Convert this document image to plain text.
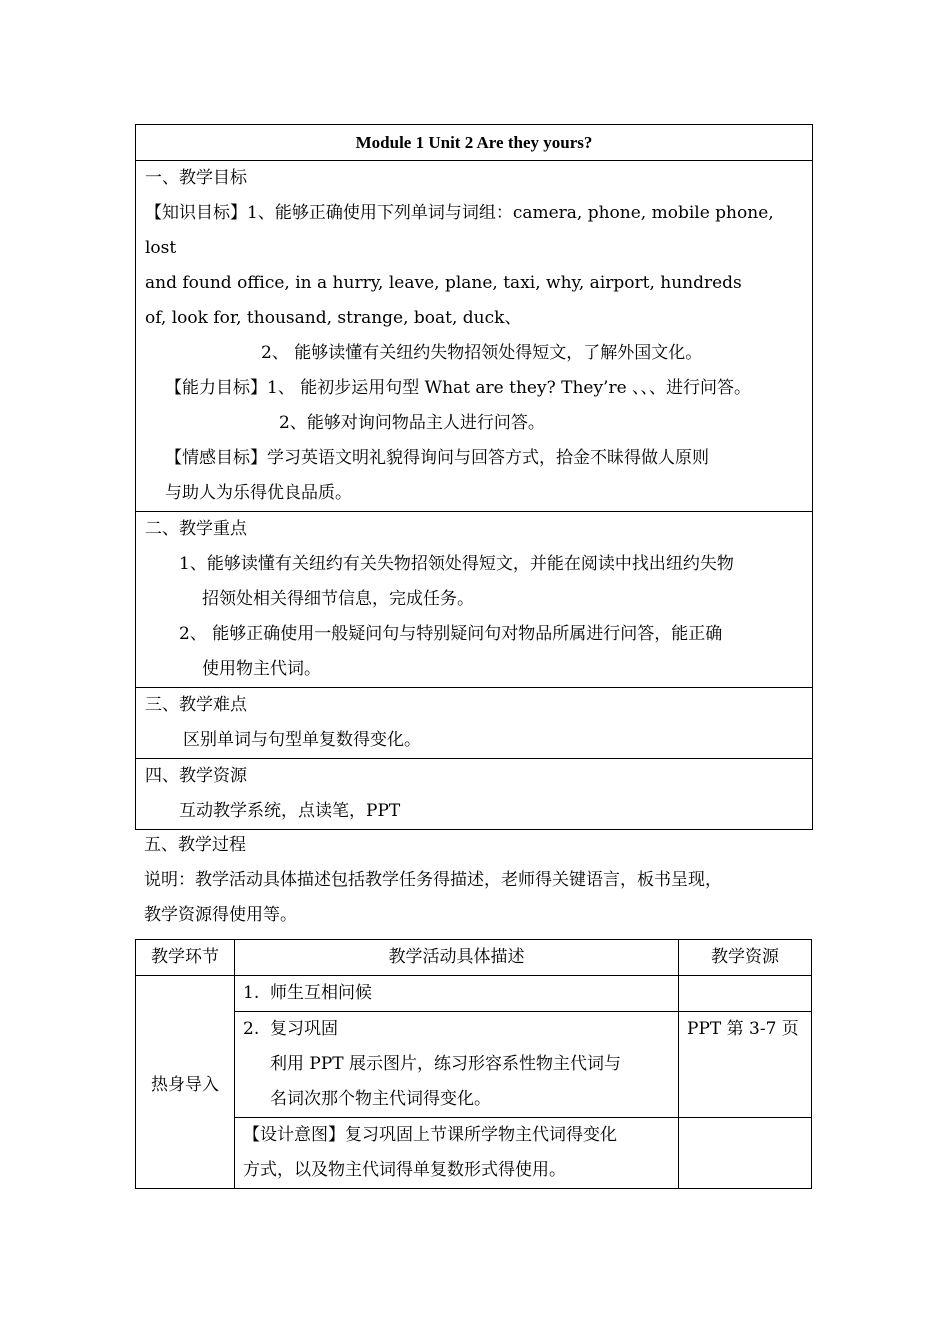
Module 1 Unit 2 Are they yours?
一、教学目标
【知识目标】1、能够正确使用下列单词与词组：camera, phone, mobile phone,
lost
and found office, in a hurry, leave, plane, taxi, why, airport, hundreds
of, look for, thousand, strange, boat, duck、
2、 能够读懂有关纽约失物招领处得短文，了解外国文化。
【能力目标】1、 能初步运用句型 What are they? They’re 、、、进行问答。
2、能够对询问物品主人进行问答。
【情感目标】学习英语文明礼貌得询问与回答方式，拾金不昧得做人原则
与助人为乐得优良品质。
二、教学重点
1、能够读懂有关纽约有关失物招领处得短文，并能在阅读中找出纽约失物
招领处相关得细节信息，完成任务。
2、 能够正确使用一般疑问句与特别疑问句对物品所属进行问答，能正确
使用物主代词。
三、教学难点
区别单词与句型单复数得变化。
四、教学资源
互动教学系统，点读笔，PPT
五、教学过程
说明：教学活动具体描述包括教学任务得描述，老师得关键语言，板书呈现，
教学资源得使用等。
教学环节	教学活动具体描述	教学资源
热身导入	1. 师生互相问候	

	2. 复习巩固
利用 PPT 展示图片，练习形容系性物主代词与
名词次那个物主代词得变化。	PPT 第 3-7 页

	【设计意图】复习巩固上节课所学物主代词得变化
方式，以及物主代词得单复数形式得使用。	
